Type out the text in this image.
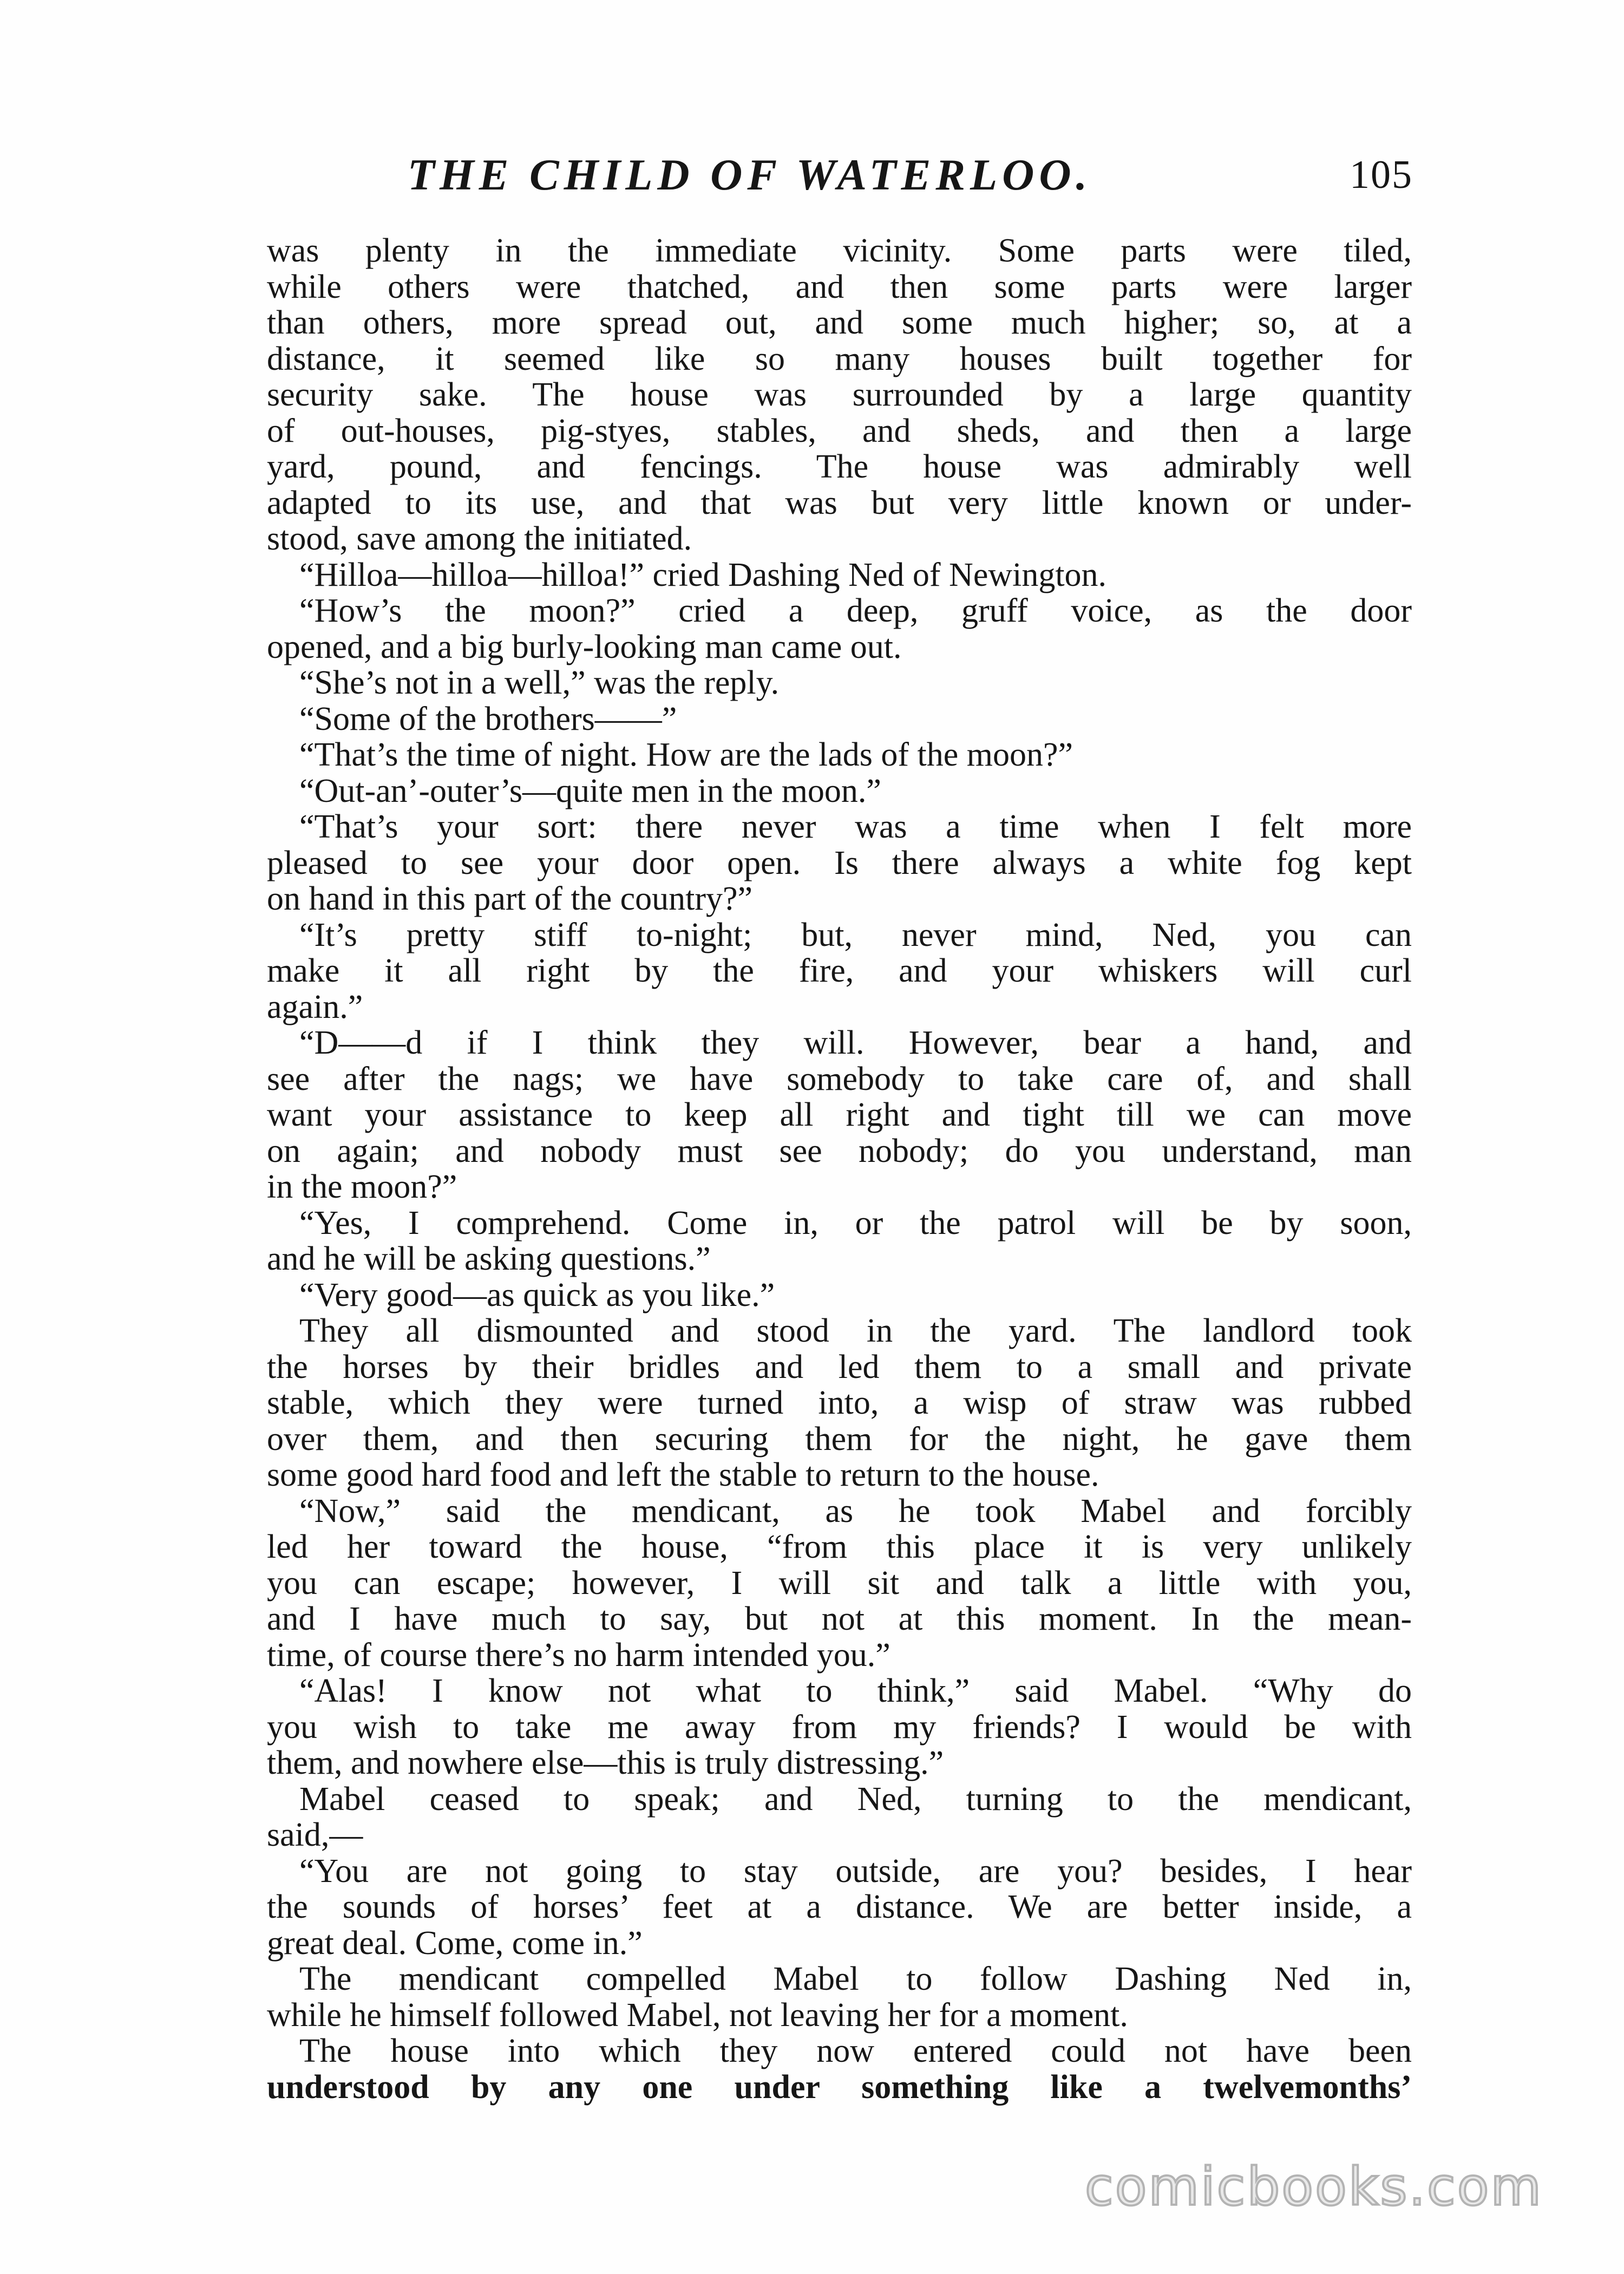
THE CHILD OF WATERLOO.	105
was plenty in the immediate vicinity. Some parts were tiled,
while others were thatched, and then some parts were larger
than others, more spread out, and some much higher; so, at a
distance, it seemed like so many houses built together for
security sake. The house was surrounded by a large quantity
of out-houses, pig-styes, stables, and sheds, and then a large
yard, pound, and fencings. The house was admirably well
adapted to its use, and that was but very little known or under-
stood, save among the initiated.
“Hilloa—hilloa—hilloa!” cried Dashing Ned of Newington.
“How’s the moon?” cried a deep, gruff voice, as the door
opened, and a big burly-looking man came out.
“She’s not in a well,” was the reply.
“Some of the brothers——”
“That’s the time of night. How are the lads of the moon?”
“Out-an’-outer’s—quite men in the moon.”
“That’s your sort: there never was a time when I felt more
pleased to see your door open. Is there always a white fog kept
on hand in this part of the country?”
“It’s pretty stiff to-night; but, never mind, Ned, you can
make it all right by the fire, and your whiskers will curl
again.”
“D——d if I think they will. However, bear a hand, and
see after the nags; we have somebody to take care of, and shall
want your assistance to keep all right and tight till we can move
on again; and nobody must see nobody; do you understand, man
in the moon?”
“Yes, I comprehend. Come in, or the patrol will be by soon,
and he will be asking questions.”
“Very good—as quick as you like.”
They all dismounted and stood in the yard. The landlord took
the horses by their bridles and led them to a small and private
stable, which they were turned into, a wisp of straw was rubbed
over them, and then securing them for the night, he gave them
some good hard food and left the stable to return to the house.
“Now,” said the mendicant, as he took Mabel and forcibly
led her toward the house, “from this place it is very unlikely
you can escape; however, I will sit and talk a little with you,
and I have much to say, but not at this moment. In the mean-
time, of course there’s no harm intended you.”
“Alas! I know not what to think,” said Mabel. “Why do
you wish to take me away from my friends? I would be with
them, and nowhere else—this is truly distressing.”
Mabel ceased to speak; and Ned, turning to the mendicant,
said,—
“You are not going to stay outside, are you? besides, I hear
the sounds of horses’ feet at a distance. We are better inside, a
great deal. Come, come in.”
The mendicant compelled Mabel to follow Dashing Ned in,
while he himself followed Mabel, not leaving her for a moment.
The house into which they now entered could not have been
understood by any one under something like a twelvemonths’
comicbooks.com
